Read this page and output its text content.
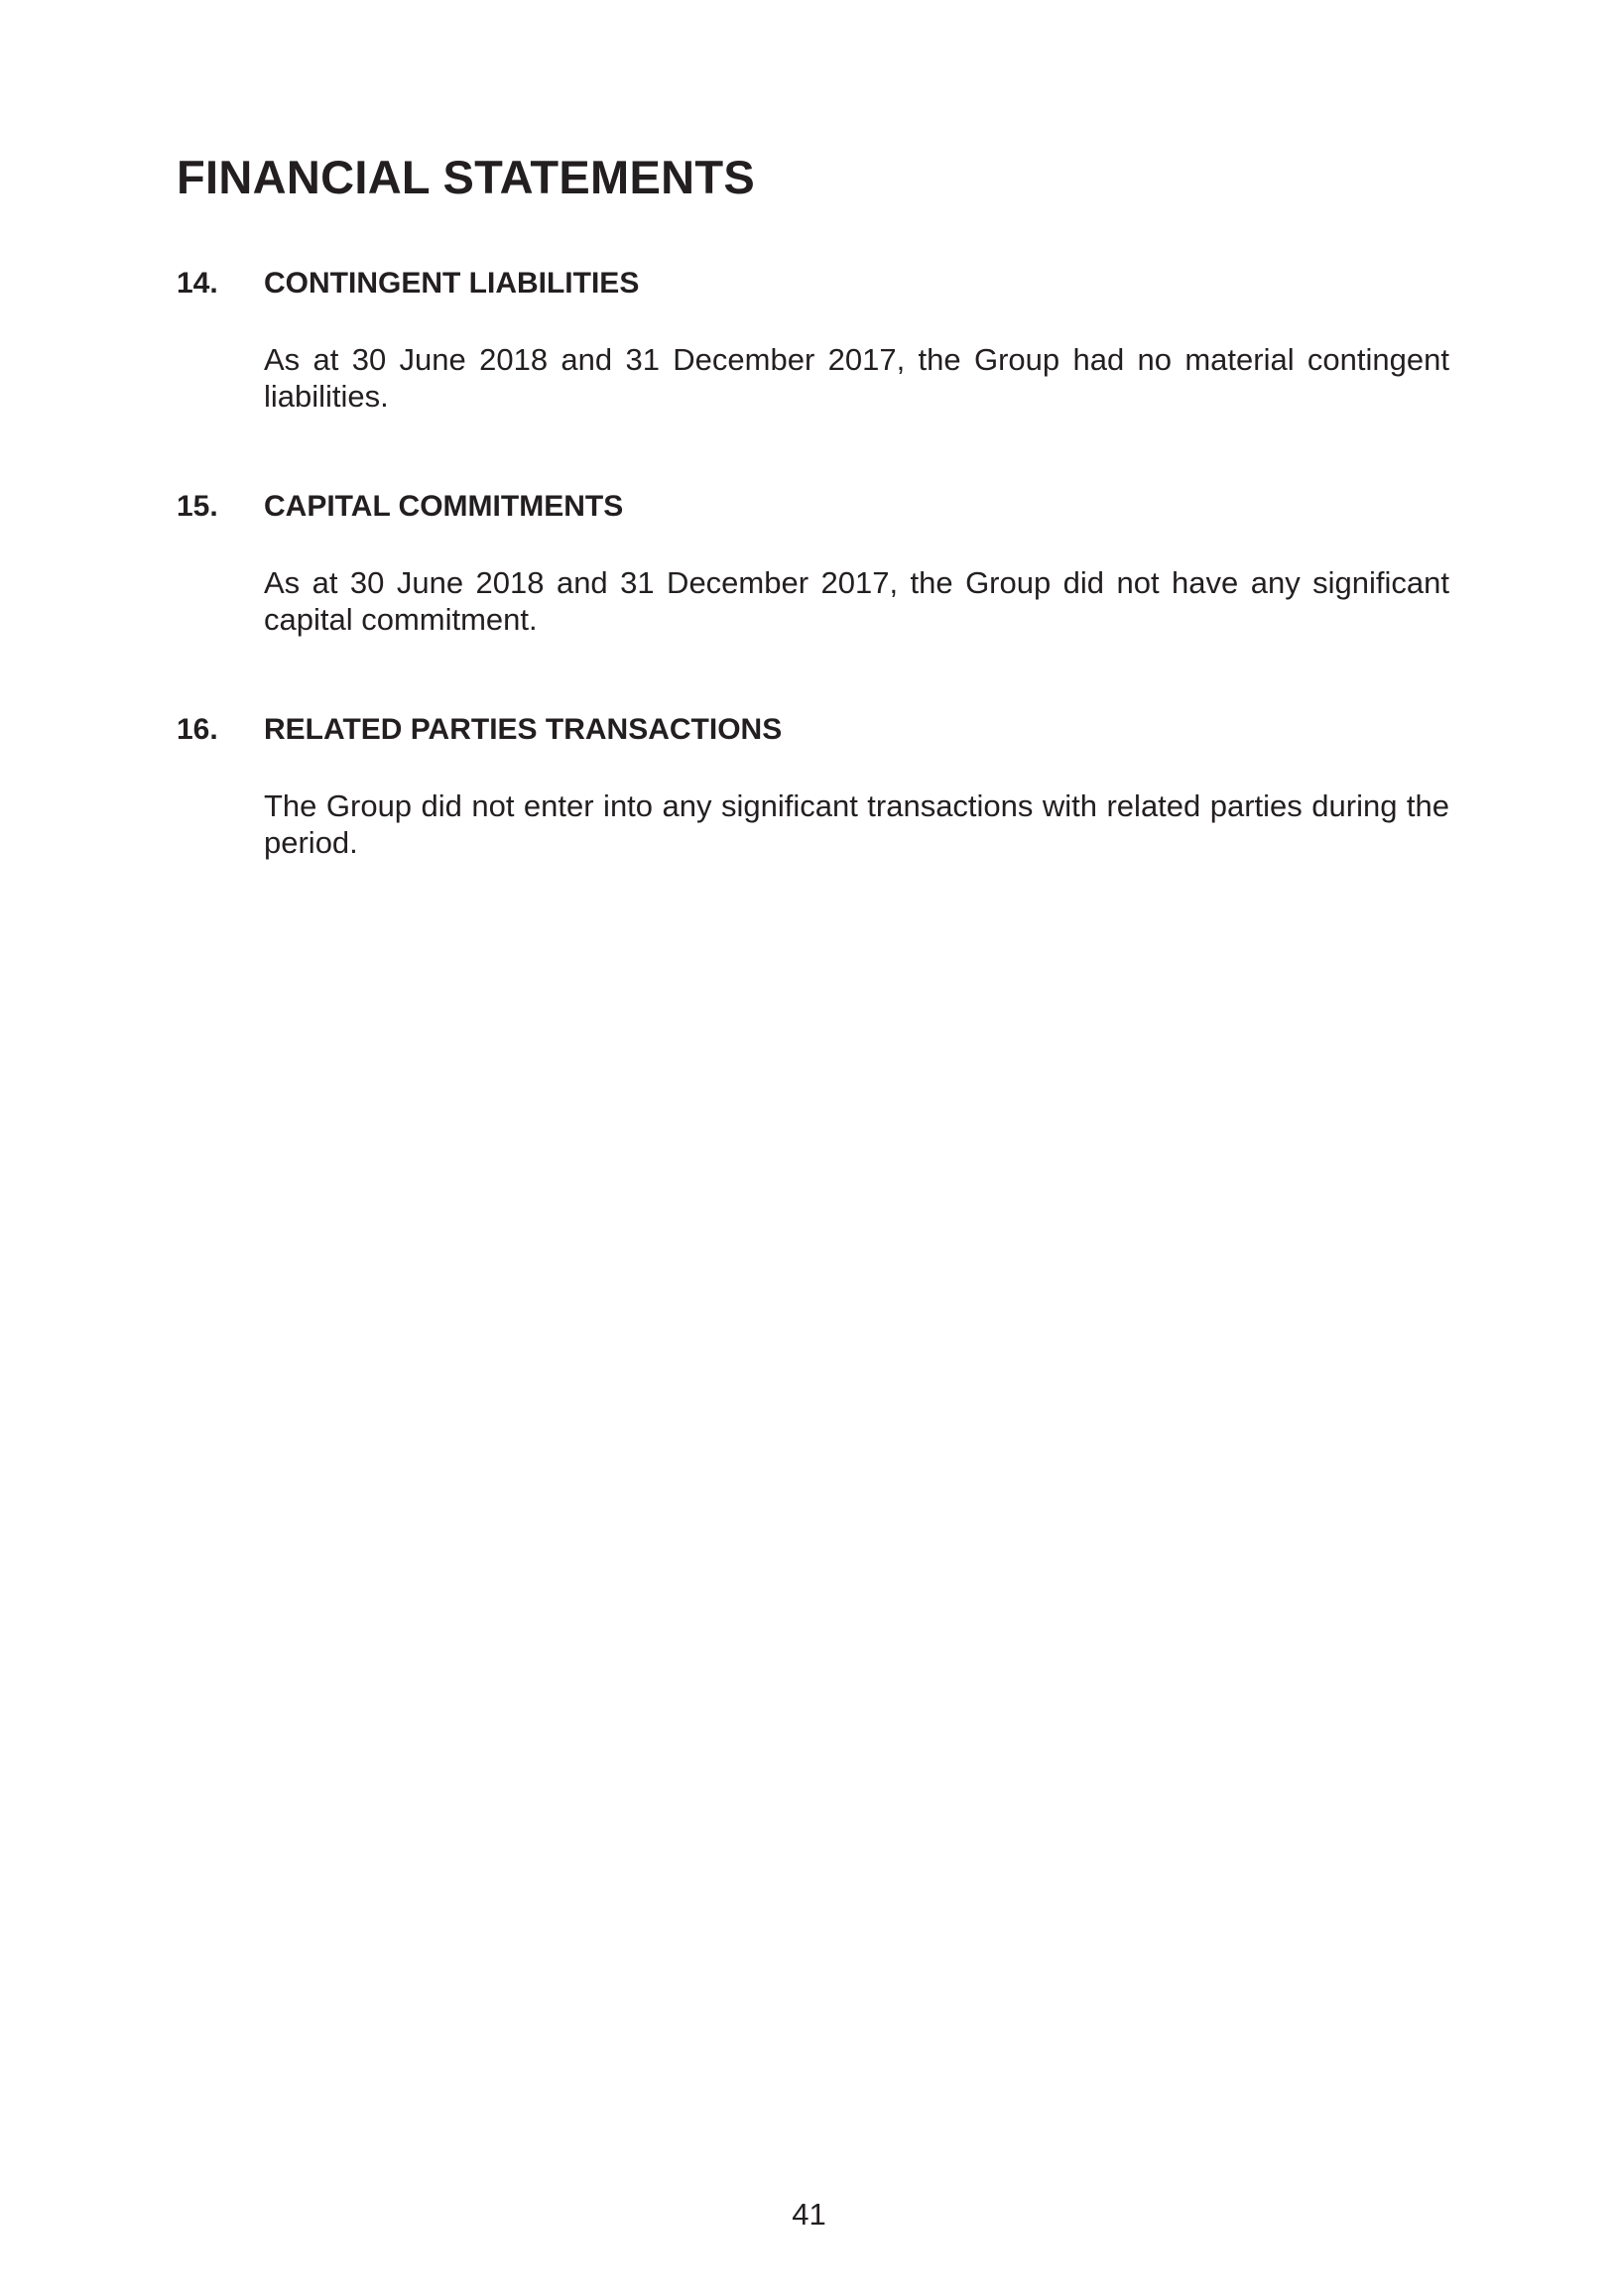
FINANCIAL STATEMENTS
14.	CONTINGENT LIABILITIES

As at 30 June 2018 and 31 December 2017, the Group had no material contingent liabilities.

15.	CAPITAL COMMITMENTS

As at 30 June 2018 and 31 December 2017, the Group did not have any significant capital commitment.

16.	RELATED PARTIES TRANSACTIONS

The Group did not enter into any significant transactions with related parties during the period.

41
